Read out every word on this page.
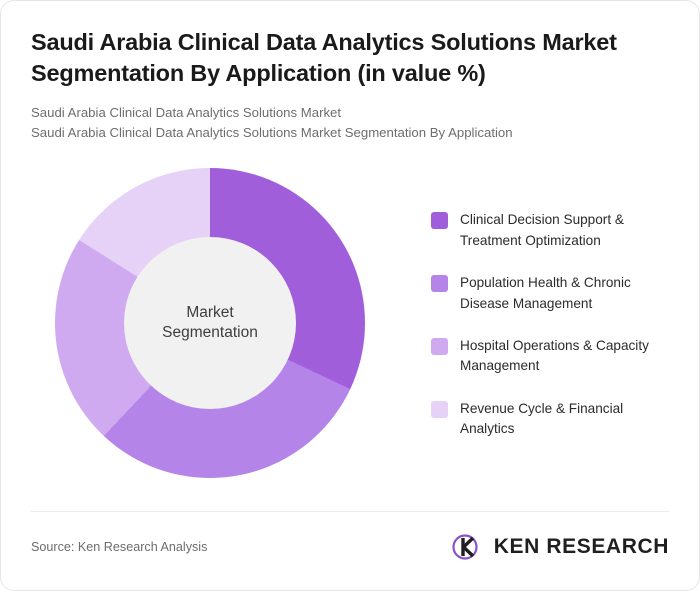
Saudi Arabia Clinical Data Analytics Solutions Market Segmentation By Application (in value %)
Saudi Arabia Clinical Data Analytics Solutions Market
Saudi Arabia Clinical Data Analytics Solutions Market Segmentation By Application
Market Segmentation
Clinical Decision Support & Treatment Optimization
Population Health & Chronic Disease Management
Hospital Operations & Capacity Management
Revenue Cycle & Financial Analytics
Source: Ken Research Analysis	KEN RESEARCH
